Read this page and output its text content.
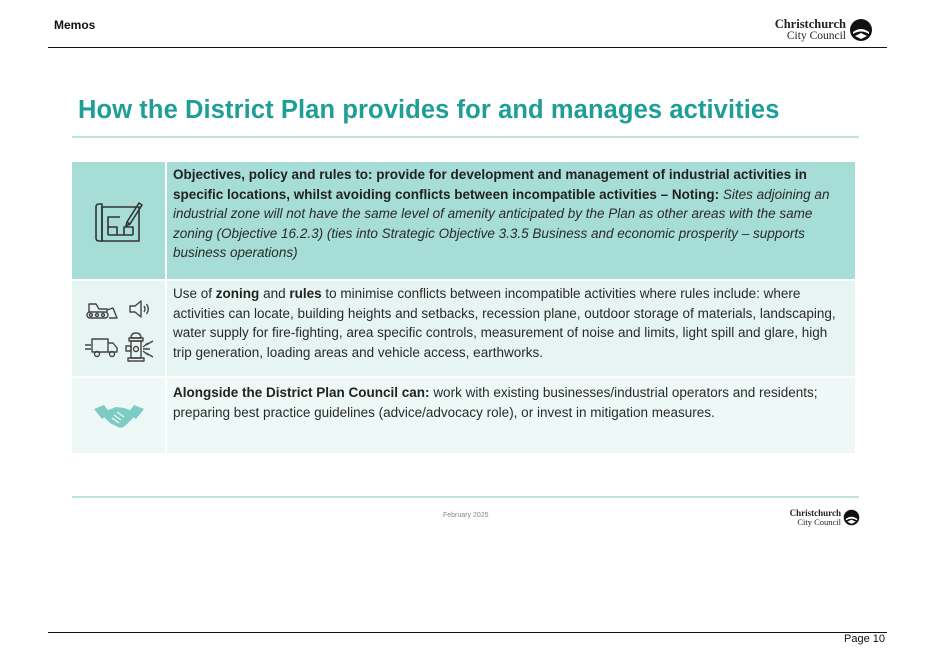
Memos	Christchurch
City Council
How the District Plan provides for and manages activities
Objectives, policy and rules to: provide for development and management of industrial activities in specific locations, whilst avoiding conflicts between incompatible activities – Noting: Sites adjoining an industrial zone will not have the same level of amenity anticipated by the Plan as other areas with the same zoning (Objective 16.2.3) (ties into Strategic Objective 3.3.5 Business and economic prosperity – supports business operations)
Use of zoning and rules to minimise conflicts between incompatible activities where rules include: where activities can locate, building heights and setbacks, recession plane, outdoor storage of materials, landscaping, water supply for fire-fighting, area specific controls, measurement of noise and limits, light spill and glare, high trip generation, loading areas and vehicle access, earthworks.
Alongside the District Plan Council can: work with existing businesses/industrial operators and residents; preparing best practice guidelines (advice/advocacy role), or invest in mitigation measures.
February 2025	Christchurch
City Council
Page 10
